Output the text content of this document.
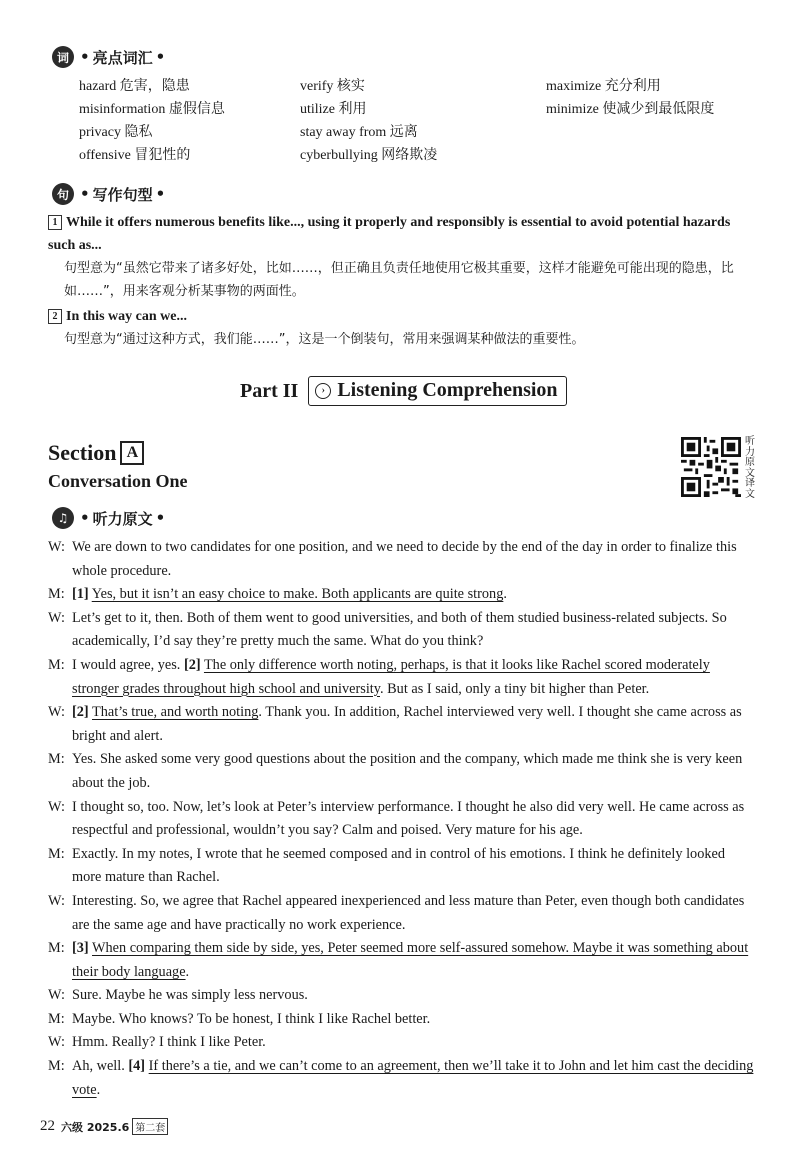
词 • 亮点词汇 •
hazard 危害，隐患
misinformation 虚假信息
privacy 隐私
offensive 冒犯性的
verify 核实
utilize 利用
stay away from 远离
cyberbullying 网络欺凌
maximize 充分利用
minimize 使减少到最低限度
句 • 写作句型 •
1 While it offers numerous benefits like..., using it properly and responsibly is essential to avoid potential hazards such as...
句型意为“虽然它带来了诸多好处，比如……，但正确且负责任地使用它极其重要，这样才能避免可能出现的隐患，比如……”，用来客观分析某事物的两面性。
2 In this way can we...
句型意为“通过这种方式，我们能……”，这是一个倒装句，常用来强调某种做法的重要性。
Part II	› Listening Comprehension
Section A
Conversation One
听力原文译文
♫ • 听力原文 •
W: We are down to two candidates for one position, and we need to decide by the end of the day in order to finalize this whole procedure.
M: [1] Yes, but it isn’t an easy choice to make. Both applicants are quite strong.
W: Let’s get to it, then. Both of them went to good universities, and both of them studied business-related subjects. So academically, I’d say they’re pretty much the same. What do you think?
M: I would agree, yes. [2] The only difference worth noting, perhaps, is that it looks like Rachel scored moderately stronger grades throughout high school and university. But as I said, only a tiny bit higher than Peter.
W: [2] That’s true, and worth noting. Thank you. In addition, Rachel interviewed very well. I thought she came across as bright and alert.
M: Yes. She asked some very good questions about the position and the company, which made me think she is very keen about the job.
W: I thought so, too. Now, let’s look at Peter’s interview performance. I thought he also did very well. He came across as respectful and professional, wouldn’t you say? Calm and poised. Very mature for his age.
M: Exactly. In my notes, I wrote that he seemed composed and in control of his emotions. I think he definitely looked more mature than Rachel.
W: Interesting. So, we agree that Rachel appeared inexperienced and less mature than Peter, even though both candidates are the same age and have practically no work experience.
M: [3] When comparing them side by side, yes, Peter seemed more self-assured somehow. Maybe it was something about their body language.
W: Sure. Maybe he was simply less nervous.
M: Maybe. Who knows? To be honest, I think I like Rachel better.
W: Hmm. Really? I think I like Peter.
M: Ah, well. [4] If there’s a tie, and we can’t come to an agreement, then we’ll take it to John and let him cast the deciding vote.
22 六级 2025.6 第二套
